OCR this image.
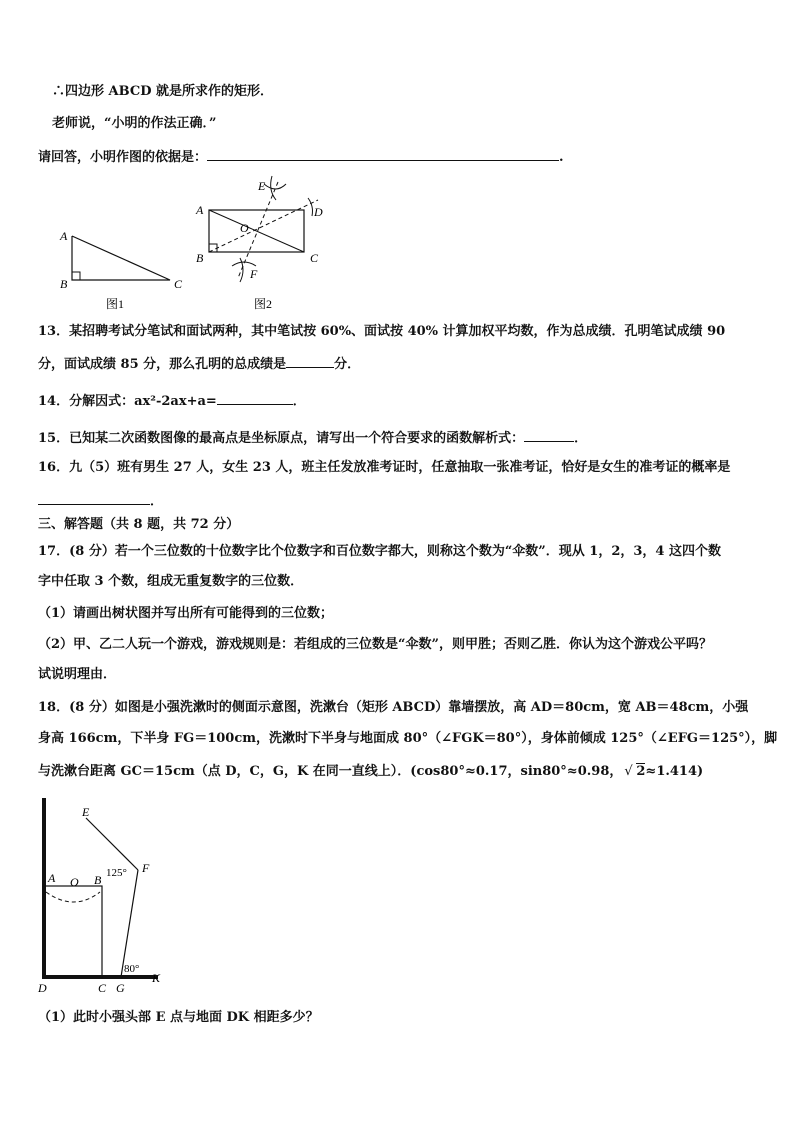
∴四边形 ABCD 就是所求作的矩形．
老师说，“小明的作法正确．”
请回答，小明作图的依据是：	.
A
B	C
图1
A
B	C
D
E
F
O
图2
13．某招聘考试分笔试和面试两种，其中笔试按 60%、面试按 40% 计算加权平均数，作为总成绩．孔明笔试成绩 90
分，面试成绩 85 分，那么孔明的总成绩是	分．
14．分解因式：ax²-2ax+a=	．
15．已知某二次函数图像的最高点是坐标原点，请写出一个符合要求的函数解析式：	．
16．九（5）班有男生 27 人，女生 23 人，班主任发放准考证时，任意抽取一张准考证，恰好是女生的准考证的概率是
．
三、解答题（共 8 题，共 72 分）
17．(8 分）若一个三位数的十位数字比个位数字和百位数字都大，则称这个数为“伞数”．现从 1，2，3，4 这四个数
字中任取 3 个数，组成无重复数字的三位数．
（1）请画出树状图并写出所有可能得到的三位数；
（2）甲、乙二人玩一个游戏，游戏规则是：若组成的三位数是“伞数”，则甲胜；否则乙胜．你认为这个游戏公平吗？
试说明理由．
18．(8 分）如图是小强洗漱时的侧面示意图，洗漱台（矩形 ABCD）靠墙摆放，高 AD＝80cm，宽 AB＝48cm，小强
身高 166cm，下半身 FG＝100cm，洗漱时下半身与地面成 80°（∠FGK＝80°），身体前倾成 125°（∠EFG＝125°），脚
与洗漱台距离 GC＝15cm（点 D，C，G，K 在同一直线上）．(cos80°≈0.17，sin80°≈0.98， √ 2≈1.414)
E
F
125°
A O B
80°
D	C G
K
（1）此时小强头部 E 点与地面 DK 相距多少？
